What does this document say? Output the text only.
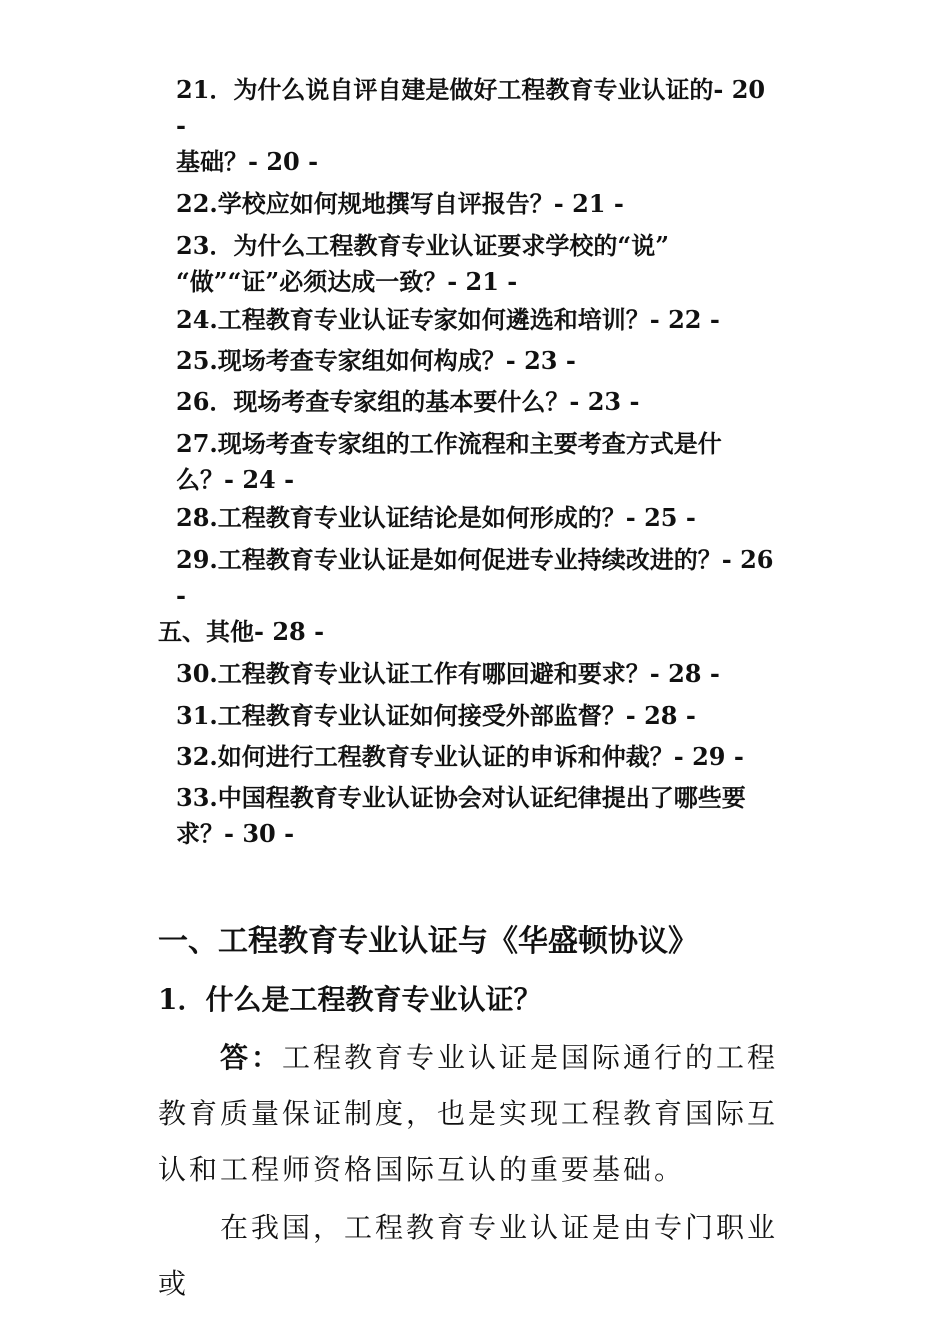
21．为什么说自评自建是做好工程教育专业认证的- 20
-
基础？- 20 -
22.学校应如何规地撰写自评报告？- 21 -
23．为什么工程教育专业认证要求学校的“说”
“做”“证”必须达成一致？- 21 -
24.工程教育专业认证专家如何遴选和培训？- 22 -
25.现场考查专家组如何构成？- 23 -
26．现场考查专家组的基本要什么？- 23 -
27.现场考查专家组的工作流程和主要考查方式是什
么？- 24 -
28.工程教育专业认证结论是如何形成的？- 25 -
29.工程教育专业认证是如何促进专业持续改进的？- 26
-
五、其他- 28 -
30.工程教育专业认证工作有哪回避和要求？- 28 -
31.工程教育专业认证如何接受外部监督？- 28 -
32.如何进行工程教育专业认证的申诉和仲裁？- 29 -
33.中国程教育专业认证协会对认证纪律提出了哪些要
求？- 30 -
一、工程教育专业认证与《华盛顿协议》
1．什么是工程教育专业认证？
答：工程教育专业认证是国际通行的工程教育质量保证制度，也是实现工程教育国际互认和工程师资格国际互认的重要基础。
在我国，工程教育专业认证是由专门职业或
